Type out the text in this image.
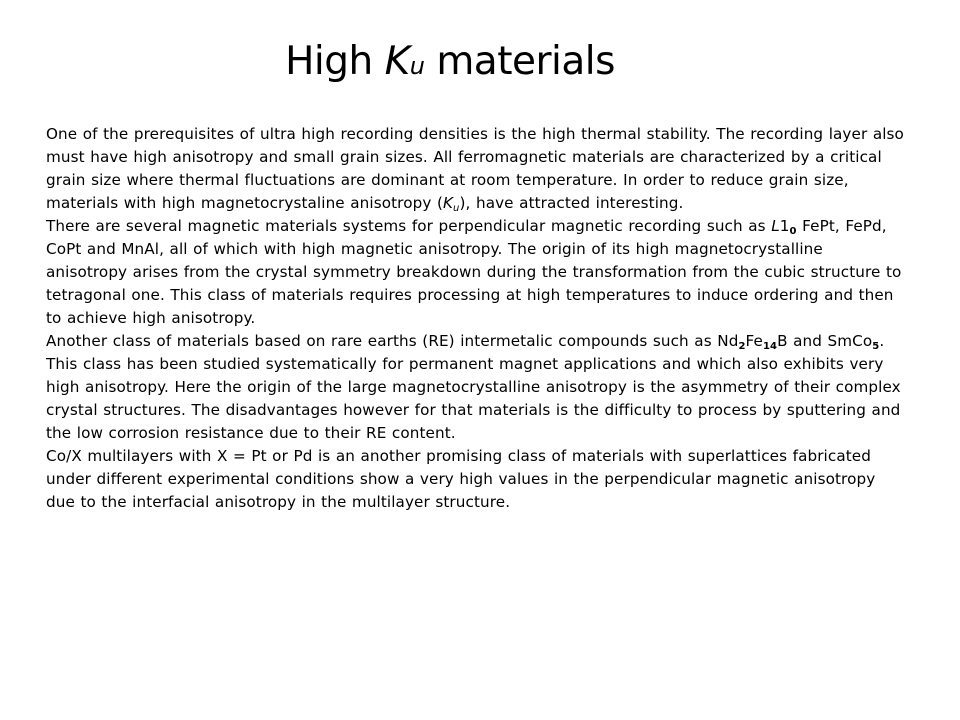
High Ku materials

One of the prerequisites of ultra high recording densities is the high thermal stability. The recording layer also must have high anisotropy and small grain sizes. All ferromagnetic materials are characterized by a critical grain size where thermal fluctuations are dominant at room temperature. In order to reduce grain size, materials with high magnetocrystaline anisotropy $(K_u)$, have attracted interesting.

There are several magnetic materials systems for perpendicular magnetic recording such as $L1_0$ FePt, FePd, CoPt and MnAl, all of which with high magnetic anisotropy. The origin of its high magnetocrystalline anisotropy arises from the crystal symmetry breakdown during the transformation from the cubic structure to tetragonal one. This class of materials requires processing at high temperatures to induce ordering and then to achieve high anisotropy.

Another class of materials based on rare earths (RE) intermetalic compounds such as $Nd_2Fe_{14}B$ and SmCo$_5$. This class has been studied systematically for permanent magnet applications and which also exhibits very high anisotropy. Here the origin of the large magnetocrystalline anisotropy is the asymmetry of their complex crystal structures. The disadvantages however for that materials is the difficulty to process by sputtering and the low corrosion resistance due to their RE content.

Co/X multilayers with X = Pt or Pd is an another promising class of materials with superlattices fabricated under different experimental conditions show a very high values in the perpendicular magnetic anisotropy due to the interfacial anisotropy in the multilayer structure.
